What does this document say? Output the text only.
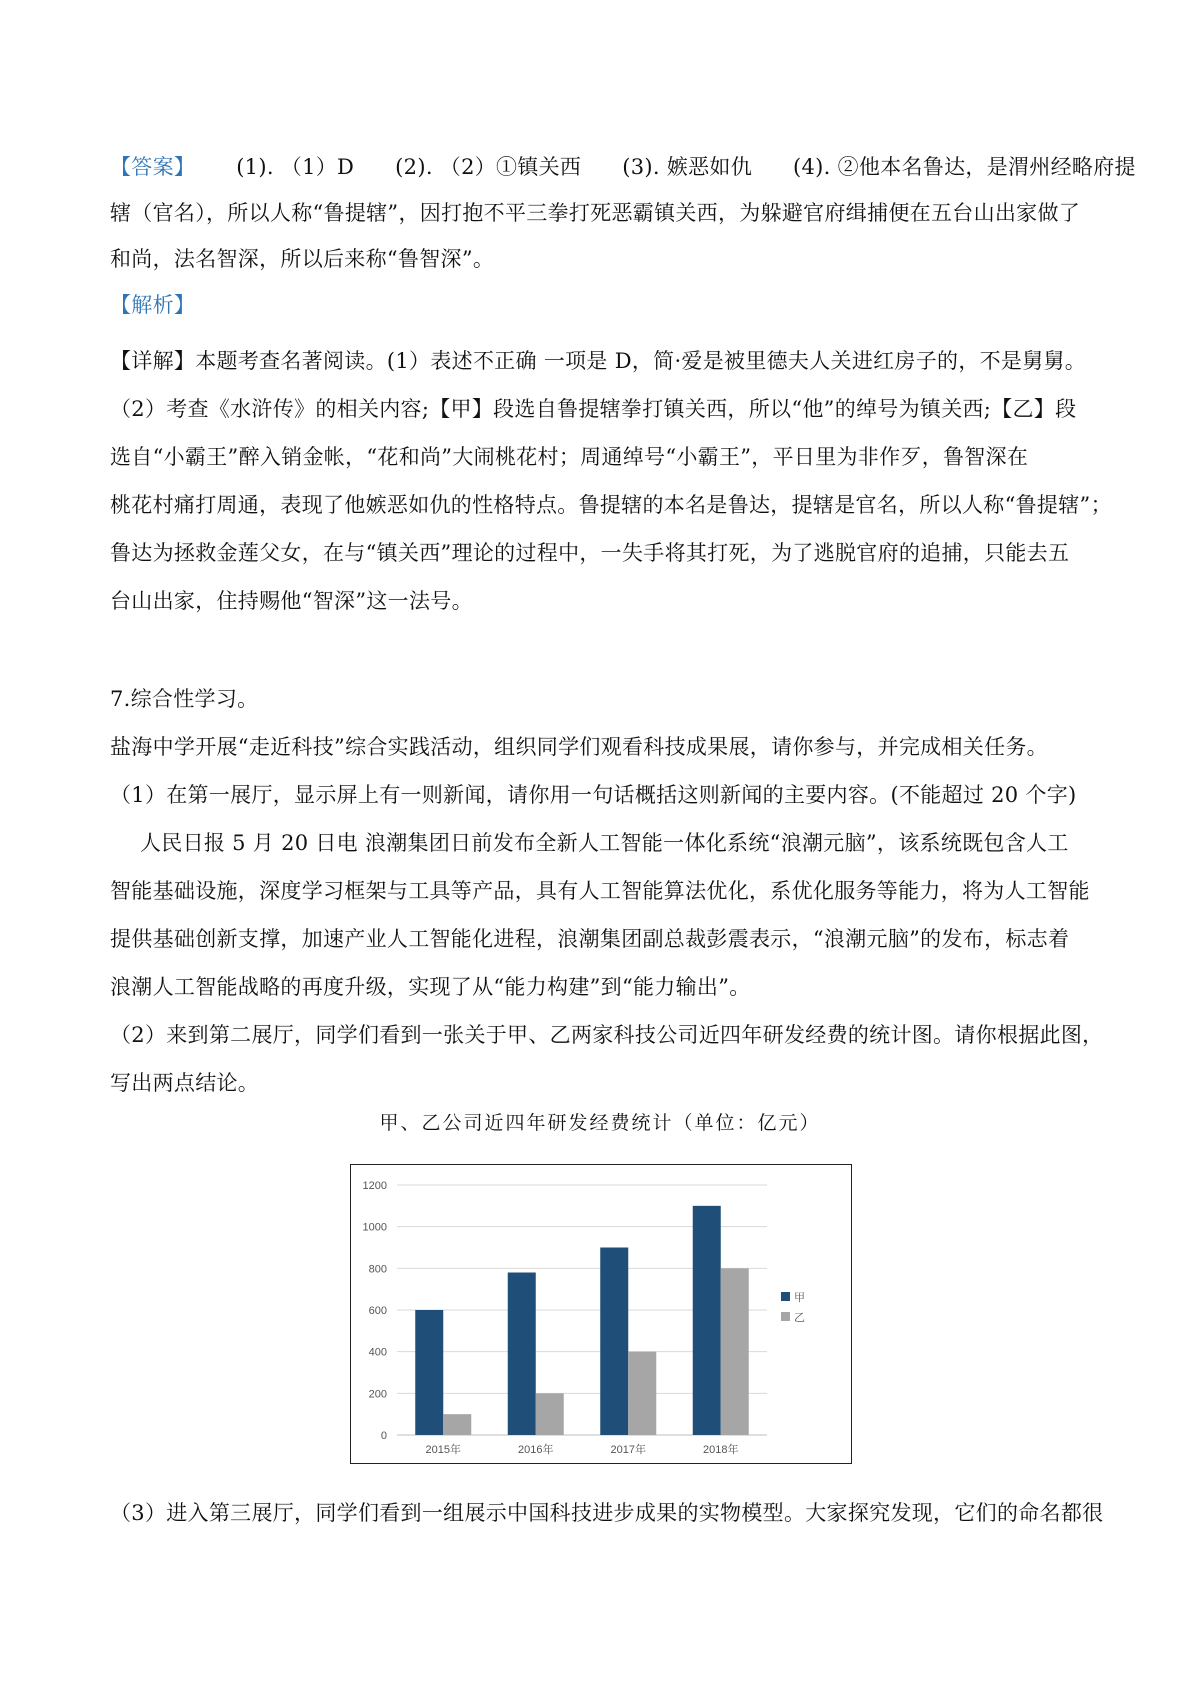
【答案】 (1). （1）D (2). （2）①镇关西 (3). 嫉恶如仇 (4). ②他本名鲁达，是渭州经略府提
辖（官名），所以人称“鲁提辖”，因打抱不平三拳打死恶霸镇关西，为躲避官府缉捕便在五台山出家做了
和尚，法名智深，所以后来称“鲁智深”。
【解析】
【详解】本题考查名著阅读。(1）表述不正确 一项是 D，简·爱是被里德夫人关进红房子的，不是舅舅。
（2）考查《水浒传》的相关内容;【甲】段选自鲁提辖拳打镇关西，所以“他”的绰号为镇关西;【乙】段
选自“小霸王”醉入销金帐，“花和尚”大闹桃花村；周通绰号“小霸王”，平日里为非作歹，鲁智深在
桃花村痛打周通，表现了他嫉恶如仇的性格特点。鲁提辖的本名是鲁达，提辖是官名，所以人称“鲁提辖”；
鲁达为拯救金莲父女，在与“镇关西”理论的过程中，一失手将其打死，为了逃脱官府的追捕，只能去五
台山出家，住持赐他“智深”这一法号。
7.综合性学习。
盐海中学开展“走近科技”综合实践活动，组织同学们观看科技成果展，请你参与，并完成相关任务。
（1）在第一展厅，显示屏上有一则新闻，请你用一句话概括这则新闻的主要内容。(不能超过 20 个字)
人民日报 5 月 20 日电 浪潮集团日前发布全新人工智能一体化系统“浪潮元脑”，该系统既包含人工
智能基础设施，深度学习框架与工具等产品，具有人工智能算法优化，系优化服务等能力，将为人工智能
提供基础创新支撑，加速产业人工智能化进程，浪潮集团副总裁彭震表示，“浪潮元脑”的发布，标志着
浪潮人工智能战略的再度升级，实现了从“能力构建”到“能力输出”。
（2）来到第二展厅，同学们看到一张关于甲、乙两家科技公司近四年研发经费的统计图。请你根据此图，
写出两点结论。
甲、乙公司近四年研发经费统计（单位：亿元）
0
200
400
600
800
1000
1200
2015年	2016年	2017年	2018年
甲
乙
（3）进入第三展厅，同学们看到一组展示中国科技进步成果的实物模型。大家探究发现，它们的命名都很
